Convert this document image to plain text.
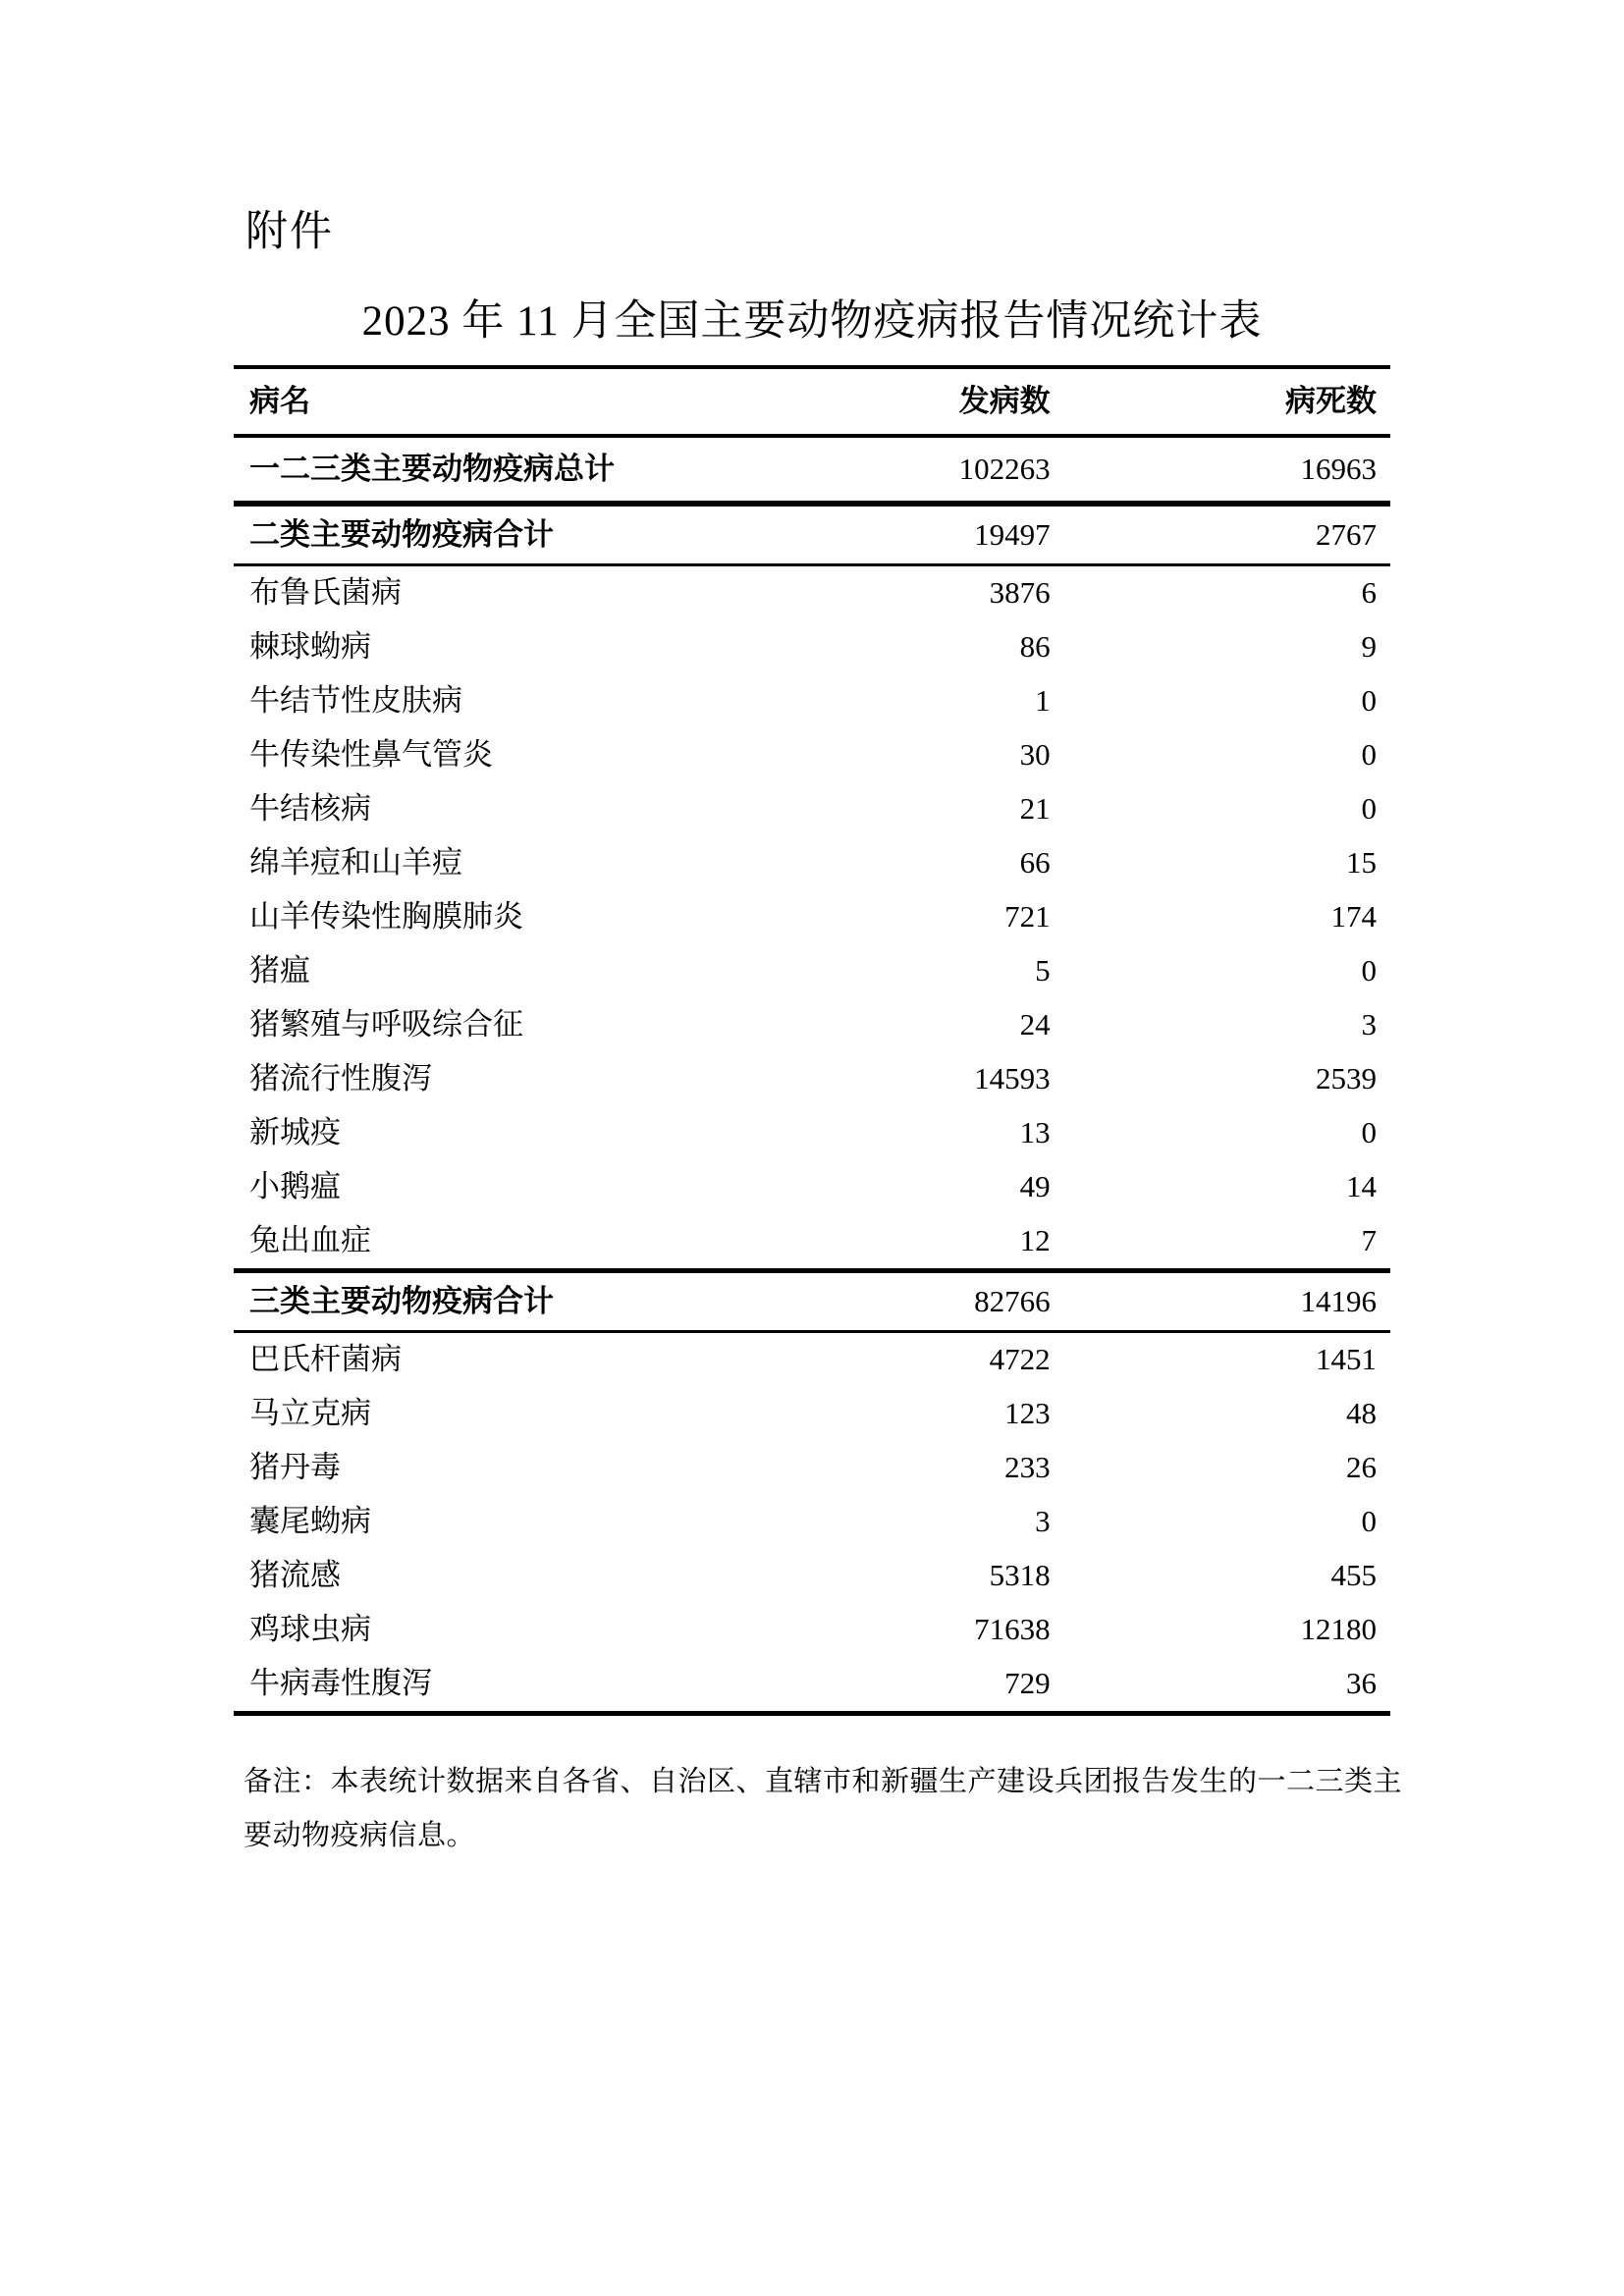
附件
2023 年 11 月全国主要动物疫病报告情况统计表
病名	发病数	病死数
一二三类主要动物疫病总计	102263	16963
二类主要动物疫病合计	19497	2767
布鲁氏菌病	3876	6
棘球蚴病	86	9
牛结节性皮肤病	1	0
牛传染性鼻气管炎	30	0
牛结核病	21	0
绵羊痘和山羊痘	66	15
山羊传染性胸膜肺炎	721	174
猪瘟	5	0
猪繁殖与呼吸综合征	24	3
猪流行性腹泻	14593	2539
新城疫	13	0
小鹅瘟	49	14
兔出血症	12	7
三类主要动物疫病合计	82766	14196
巴氏杆菌病	4722	1451
马立克病	123	48
猪丹毒	233	26
囊尾蚴病	3	0
猪流感	5318	455
鸡球虫病	71638	12180
牛病毒性腹泻	729	36

备注：本表统计数据来自各省、自治区、直辖市和新疆生产建设兵团报告发生的一二三类主
要动物疫病信息。
